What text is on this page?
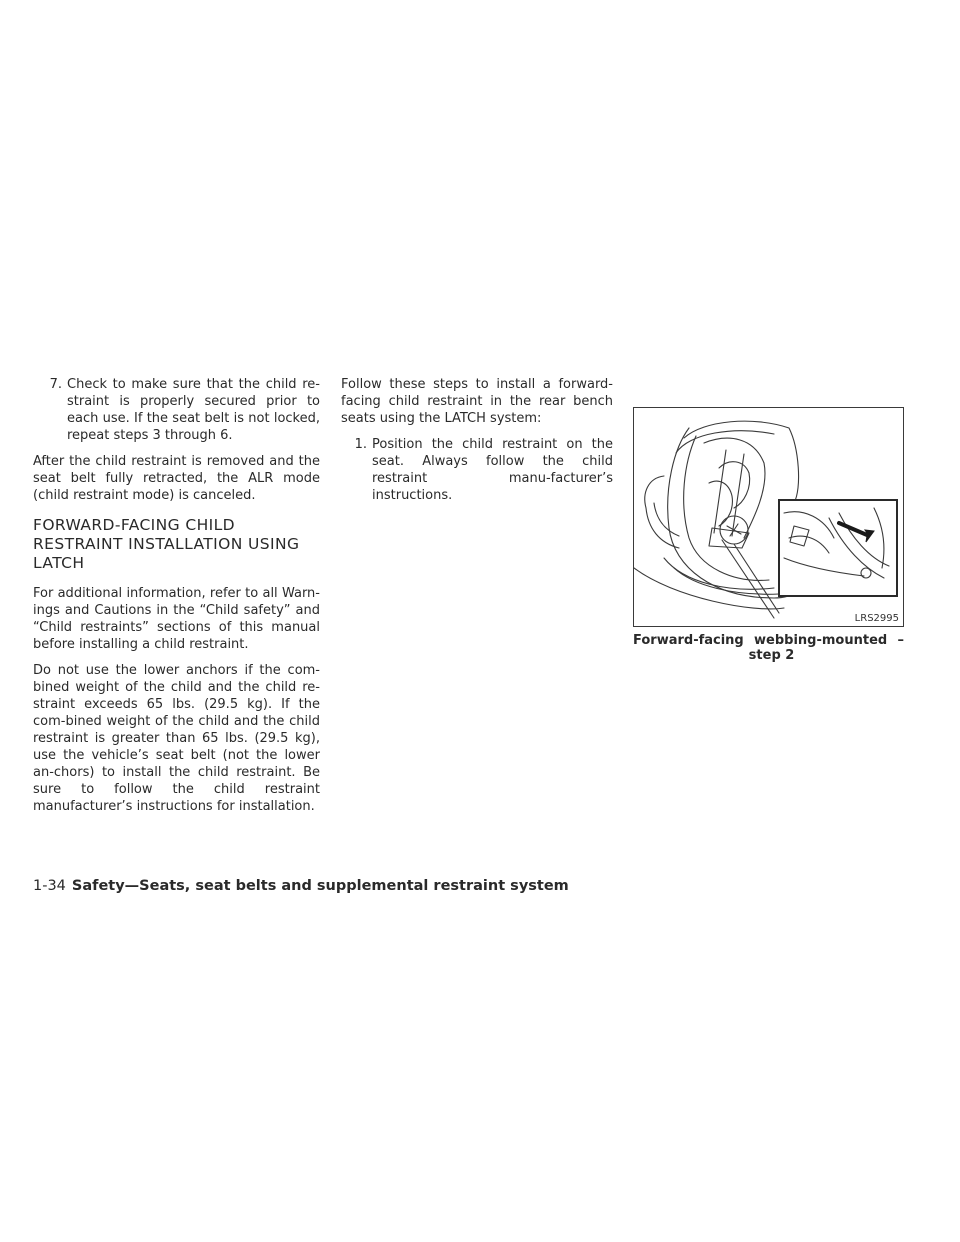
7. Check to make sure that the child re-straint is properly secured prior to each use. If the seat belt is not locked, repeat steps 3 through 6.

After the child restraint is removed and the seat belt fully retracted, the ALR mode (child restraint mode) is canceled.

FORWARD-FACING CHILD RESTRAINT INSTALLATION USING LATCH

For additional information, refer to all Warn-ings and Cautions in the “Child safety” and “Child restraints” sections of this manual before installing a child restraint.

Do not use the lower anchors if the com-bined weight of the child and the child re-straint exceeds 65 lbs. (29.5 kg). If the com-bined weight of the child and the child restraint is greater than 65 lbs. (29.5 kg), use the vehicle’s seat belt (not the lower an-chors) to install the child restraint. Be sure to follow the child restraint manufacturer’s instructions for installation.

Follow these steps to install a forward-facing child restraint in the rear bench seats using the LATCH system:

1. Position the child restraint on the seat. Always follow the child restraint manu-facturer’s instructions.
LRS2995
Forward-facing webbing-mounted –
step 2
1-34 Safety—Seats, seat belts and supplemental restraint system
